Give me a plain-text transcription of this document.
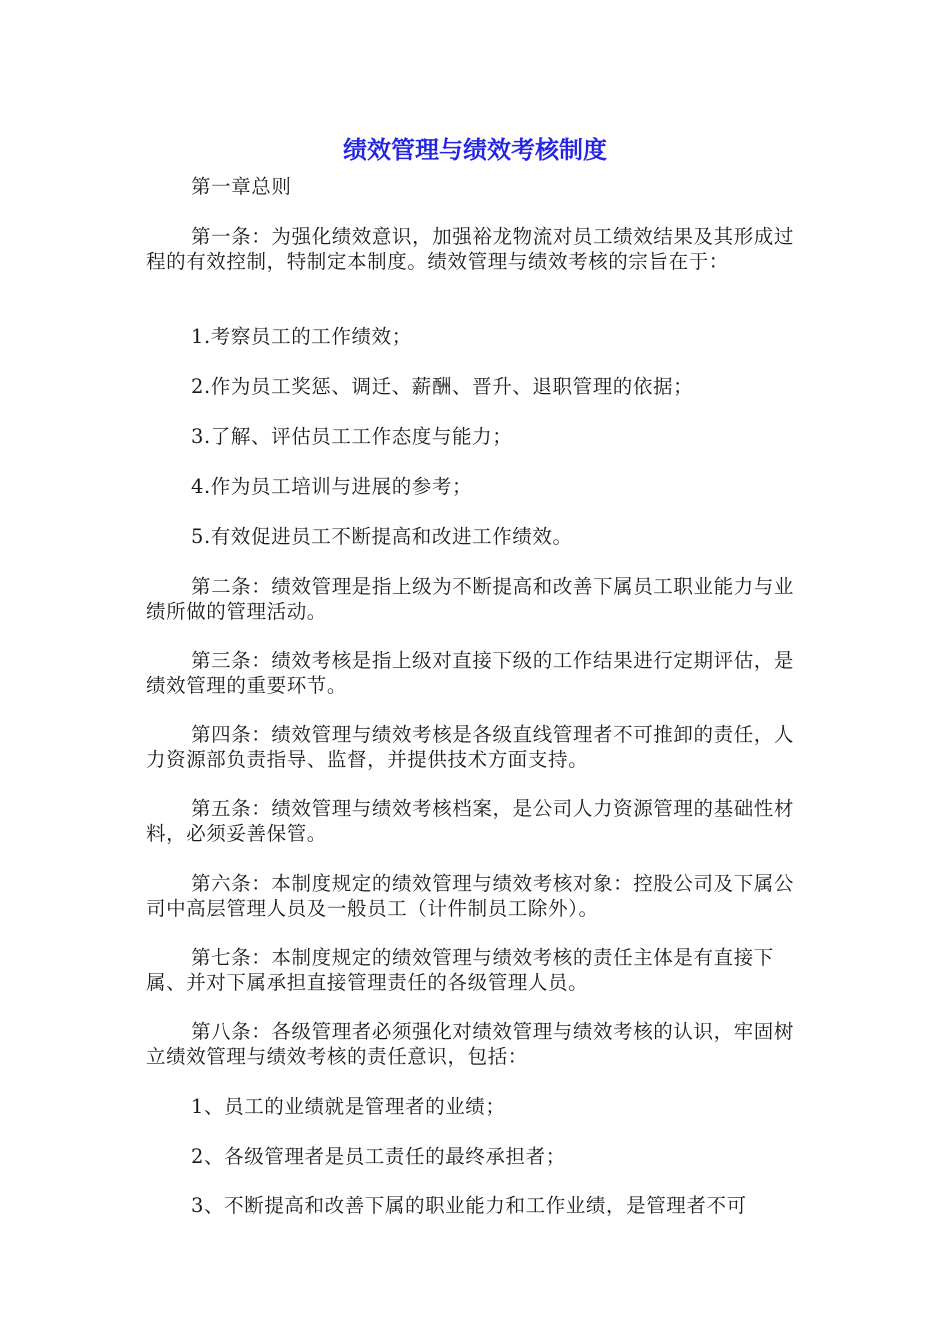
绩效管理与绩效考核制度

第一章总则

第一条：为强化绩效意识，加强裕龙物流对员工绩效结果及其形成过程的有效控制，特制定本制度。绩效管理与绩效考核的宗旨在于：

1.考察员工的工作绩效；

2.作为员工奖惩、调迁、薪酬、晋升、退职管理的依据；

3.了解、评估员工工作态度与能力；

4.作为员工培训与进展的参考；

5.有效促进员工不断提高和改进工作绩效。

第二条：绩效管理是指上级为不断提高和改善下属员工职业能力与业绩所做的管理活动。

第三条：绩效考核是指上级对直接下级的工作结果进行定期评估，是绩效管理的重要环节。

第四条：绩效管理与绩效考核是各级直线管理者不可推卸的责任，人力资源部负责指导、监督，并提供技术方面支持。

第五条：绩效管理与绩效考核档案，是公司人力资源管理的基础性材料，必须妥善保管。

第六条：本制度规定的绩效管理与绩效考核对象：控股公司及下属公司中高层管理人员及一般员工（计件制员工除外）。

第七条：本制度规定的绩效管理与绩效考核的责任主体是有直接下属、并对下属承担直接管理责任的各级管理人员。

第八条：各级管理者必须强化对绩效管理与绩效考核的认识，牢固树立绩效管理与绩效考核的责任意识，包括：

1、员工的业绩就是管理者的业绩；

2、各级管理者是员工责任的最终承担者；

3、不断提高和改善下属的职业能力和工作业绩，是管理者不可
